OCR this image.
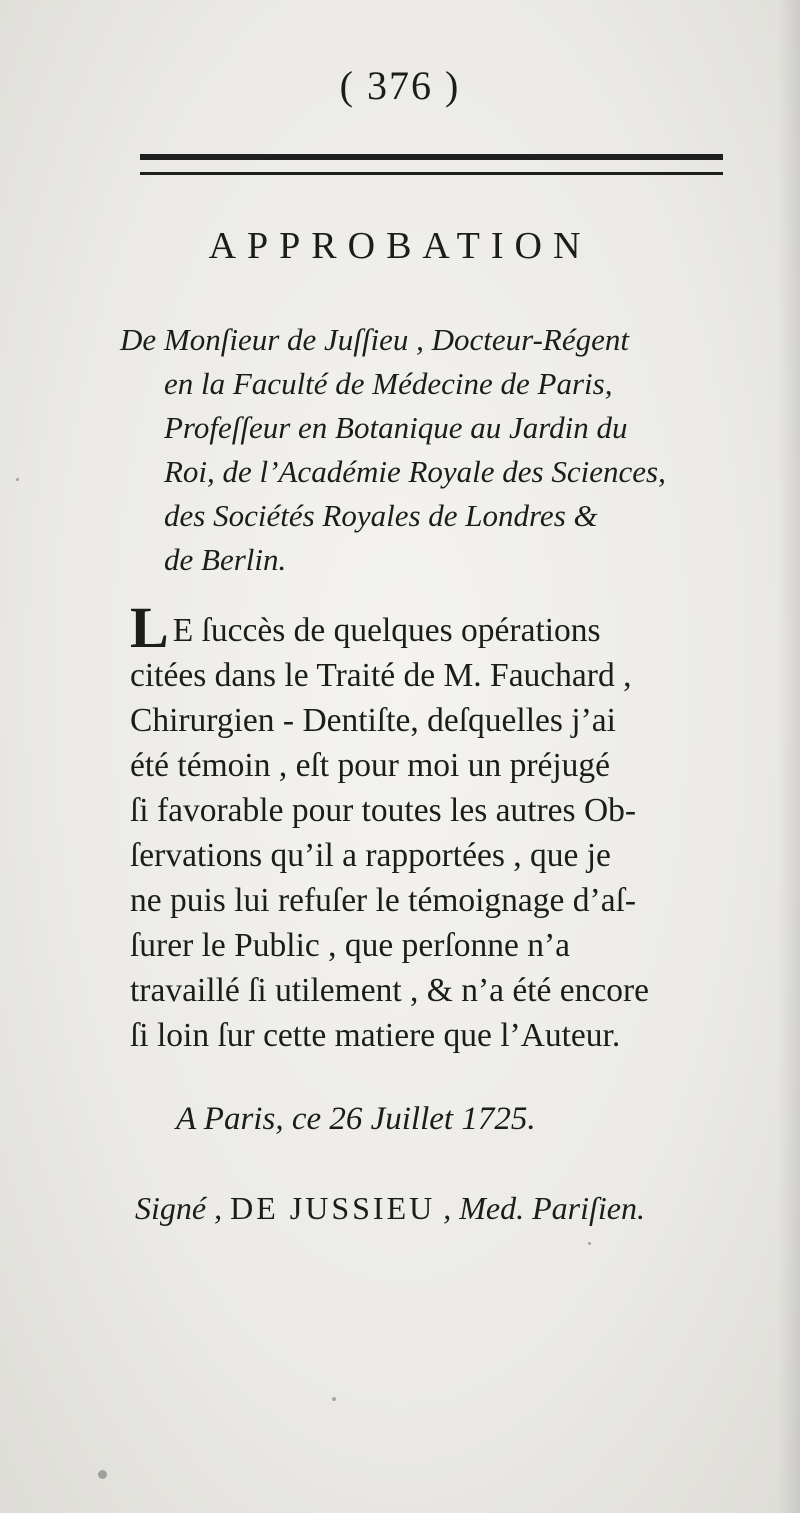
( 376 )
APPROBATION
De Monſieur de Juſſieu , Docteur-Régent
en la Faculté de Médecine de Paris,
Profeſſeur en Botanique au Jardin du
Roi, de l’Académie Royale des Sciences,
des Sociétés Royales de Londres &
de Berlin.
L E ſuccès de quelques opérations
citées dans le Traité de M. Fauchard ,
Chirurgien - Dentiſte, deſquelles j’ai
été témoin , eſt pour moi un préjugé
ſi favorable pour toutes les autres Ob-
ſervations qu’il a rapportées , que je
ne puis lui refuſer le témoignage d’aſ-
ſurer le Public , que perſonne n’a
travaillé ſi utilement , & n’a été encore
ſi loin ſur cette matiere que l’Auteur.
A Paris, ce 26 Juillet 1725.
Signé , DE JUSSIEU , Med. Pariſien.
